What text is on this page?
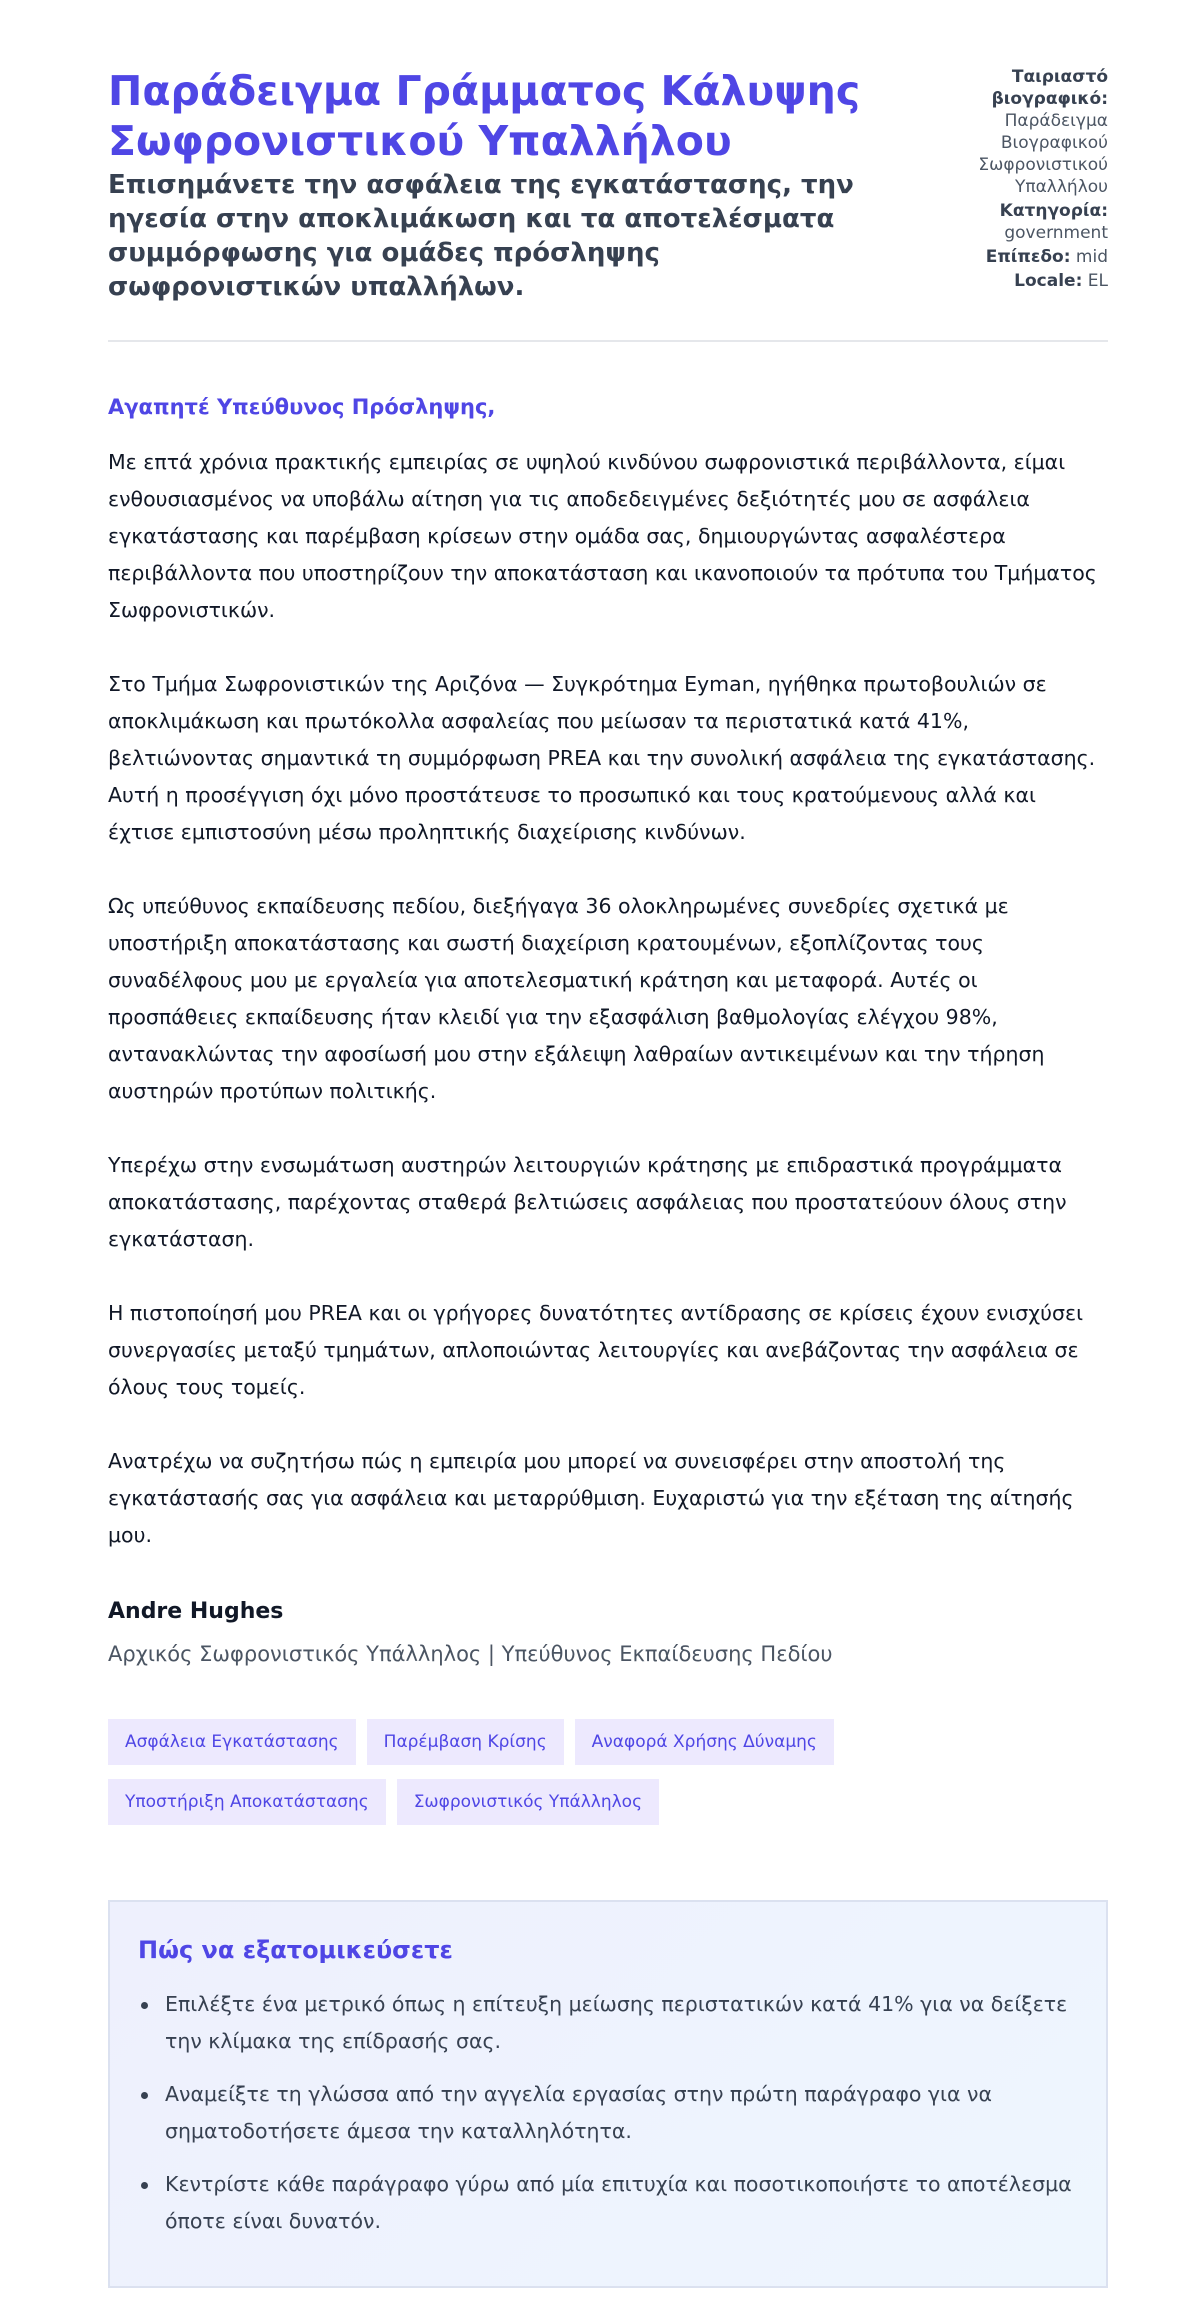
Παράδειγμα Γράμματος Κάλυψης Σωφρονιστικού Υπαλλήλου
Επισημάνετε την ασφάλεια της εγκατάστασης, την ηγεσία στην αποκλιμάκωση και τα αποτελέσματα συμμόρφωσης για ομάδες πρόσληψης σωφρονιστικών υπαλλήλων.
Ταιριαστό βιογραφικό: Παράδειγμα Βιογραφικού Σωφρονιστικού Υπαλλήλου
Κατηγορία: government
Επίπεδο: mid
Locale: EL
Αγαπητέ Υπεύθυνος Πρόσληψης,

Με επτά χρόνια πρακτικής εμπειρίας σε υψηλού κινδύνου σωφρονιστικά περιβάλλοντα, είμαι ενθουσιασμένος να υποβάλω αίτηση για τις αποδεδειγμένες δεξιότητές μου σε ασφάλεια εγκατάστασης και παρέμβαση κρίσεων στην ομάδα σας, δημιουργώντας ασφαλέστερα περιβάλλοντα που υποστηρίζουν την αποκατάσταση και ικανοποιούν τα πρότυπα του Τμήματος Σωφρονιστικών.

Στο Τμήμα Σωφρονιστικών της Αριζόνα — Συγκρότημα Eyman, ηγήθηκα πρωτοβουλιών σε αποκλιμάκωση και πρωτόκολλα ασφαλείας που μείωσαν τα περιστατικά κατά 41%, βελτιώνοντας σημαντικά τη συμμόρφωση PREA και την συνολική ασφάλεια της εγκατάστασης. Αυτή η προσέγγιση όχι μόνο προστάτευσε το προσωπικό και τους κρατούμενους αλλά και έχτισε εμπιστοσύνη μέσω προληπτικής διαχείρισης κινδύνων.

Ως υπεύθυνος εκπαίδευσης πεδίου, διεξήγαγα 36 ολοκληρωμένες συνεδρίες σχετικά με υποστήριξη αποκατάστασης και σωστή διαχείριση κρατουμένων, εξοπλίζοντας τους συναδέλφους μου με εργαλεία για αποτελεσματική κράτηση και μεταφορά. Αυτές οι προσπάθειες εκπαίδευσης ήταν κλειδί για την εξασφάλιση βαθμολογίας ελέγχου 98%, αντανακλώντας την αφοσίωσή μου στην εξάλειψη λαθραίων αντικειμένων και την τήρηση αυστηρών προτύπων πολιτικής.

Υπερέχω στην ενσωμάτωση αυστηρών λειτουργιών κράτησης με επιδραστικά προγράμματα αποκατάστασης, παρέχοντας σταθερά βελτιώσεις ασφάλειας που προστατεύουν όλους στην εγκατάσταση.

Η πιστοποίησή μου PREA και οι γρήγορες δυνατότητες αντίδρασης σε κρίσεις έχουν ενισχύσει συνεργασίες μεταξύ τμημάτων, απλοποιώντας λειτουργίες και ανεβάζοντας την ασφάλεια σε όλους τους τομείς.

Ανατρέχω να συζητήσω πώς η εμπειρία μου μπορεί να συνεισφέρει στην αποστολή της εγκατάστασής σας για ασφάλεια και μεταρρύθμιση. Ευχαριστώ για την εξέταση της αίτησής μου.

Andre Hughes
Αρχικός Σωφρονιστικός Υπάλληλος | Υπεύθυνος Εκπαίδευσης Πεδίου
Ασφάλεια Εγκατάστασης	Παρέμβαση Κρίσης	Αναφορά Χρήσης Δύναμης
Υποστήριξη Αποκατάστασης	Σωφρονιστικός Υπάλληλος
Πώς να εξατομικεύσετε
Επιλέξτε ένα μετρικό όπως η επίτευξη μείωσης περιστατικών κατά 41% για να δείξετε την κλίμακα της επίδρασής σας.
Αναμείξτε τη γλώσσα από την αγγελία εργασίας στην πρώτη παράγραφο για να σηματοδοτήσετε άμεσα την καταλληλότητα.
Κεντρίστε κάθε παράγραφο γύρω από μία επιτυχία και ποσοτικοποιήστε το αποτέλεσμα όποτε είναι δυνατόν.
